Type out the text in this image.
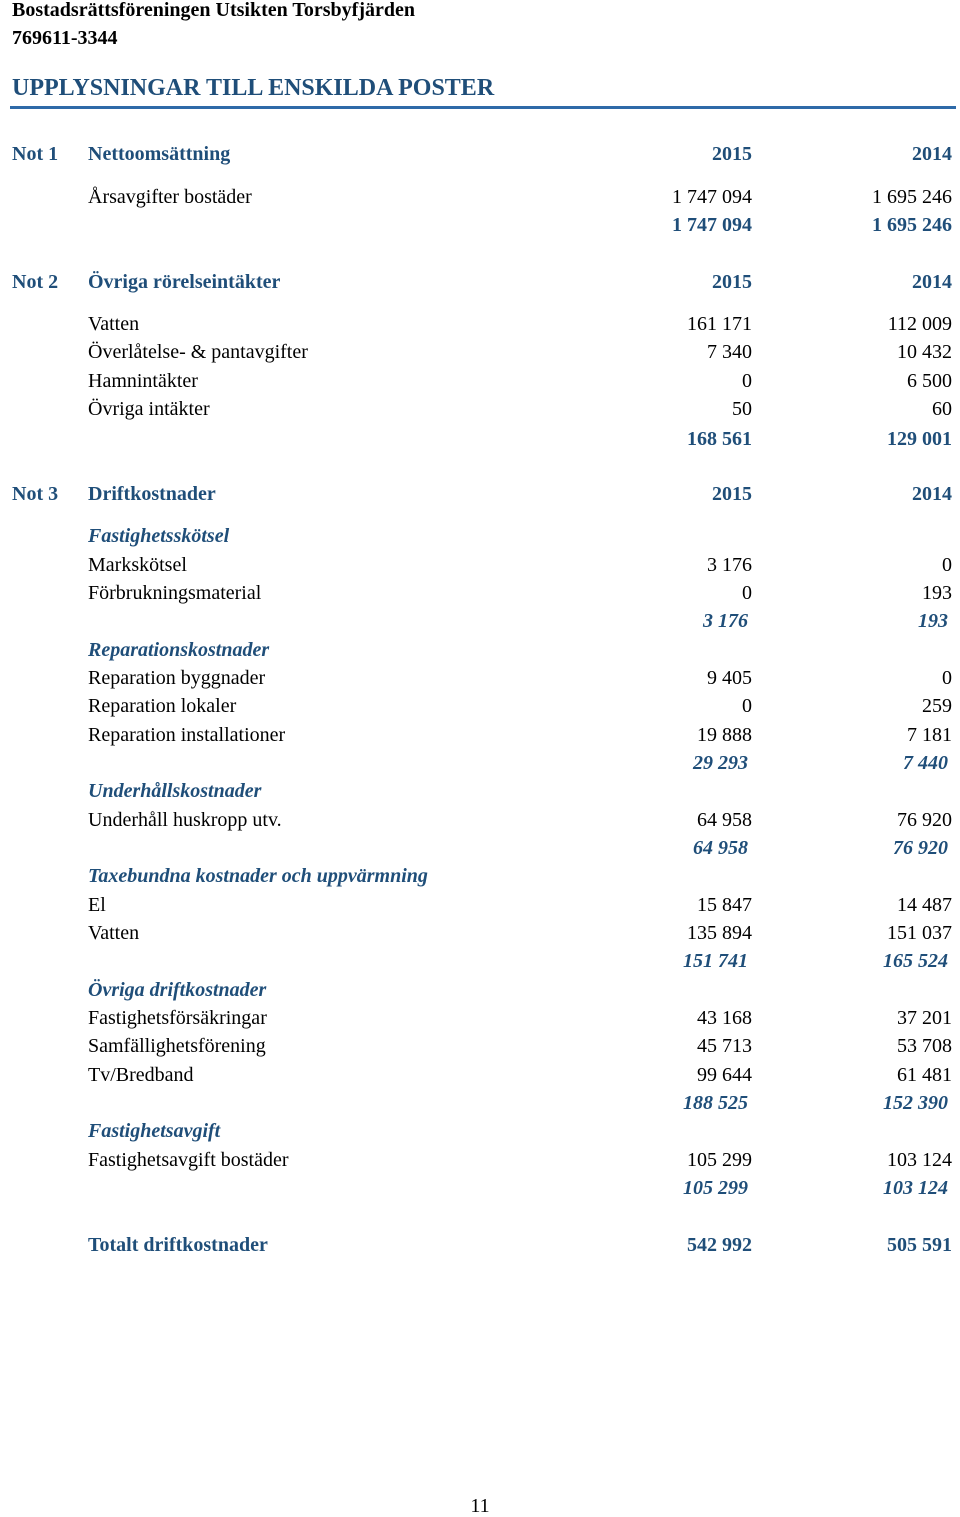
Bostadsrättsföreningen Utsikten Torsbyfjärden
769611-3344
UPPLYSNINGAR TILL ENSKILDA POSTER
Not 1 Nettoomsättning	2015	2014
Årsavgifter bostäder	1 747 094	1 695 246
1 747 094	1 695 246
Not 2 Övriga rörelseintäkter	2015	2014
Vatten	161 171	112 009
Överlåtelse- & pantavgifter	7 340	10 432
Hamnintäkter	0	6 500
Övriga intäkter	50	60
168 561	129 001
Not 3 Driftkostnader	2015	2014
Fastighetsskötsel
Markskötsel	3 176	0
Förbrukningsmaterial	0	193
3 176	193
Reparationskostnader
Reparation byggnader	9 405	0
Reparation lokaler	0	259
Reparation installationer	19 888	7 181
29 293	7 440
Underhållskostnader
Underhåll huskropp utv.	64 958	76 920
64 958	76 920
Taxebundna kostnader och uppvärmning
El	15 847	14 487
Vatten	135 894	151 037
151 741	165 524
Övriga driftkostnader
Fastighetsförsäkringar	43 168	37 201
Samfällighetsförening	45 713	53 708
Tv/Bredband	99 644	61 481
188 525	152 390
Fastighetsavgift
Fastighetsavgift bostäder	105 299	103 124
105 299	103 124
Totalt driftkostnader	542 992	505 591
11
